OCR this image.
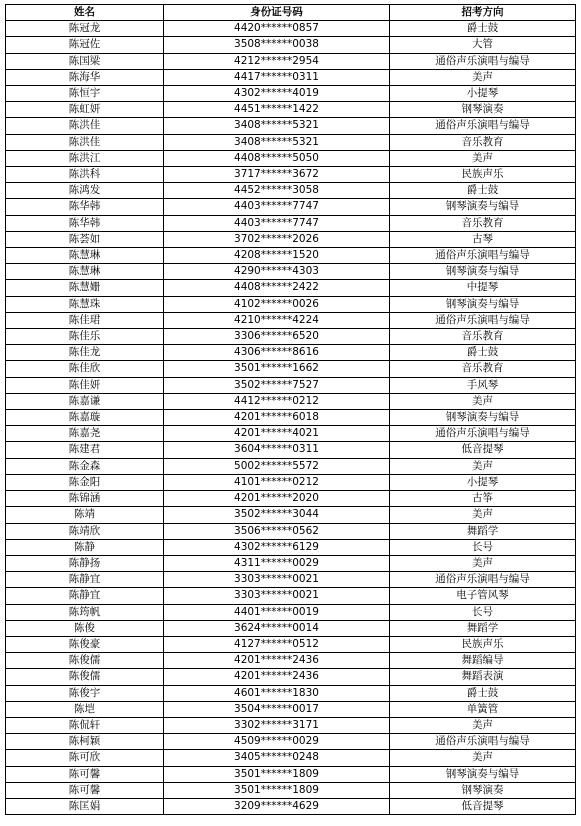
姓名	身份证号码	招考方向
陈冠龙	4420******0857	爵士鼓
陈冠佐	3508******0038	大管
陈国梁	4212******2954	通俗声乐演唱与编导
陈海华	4417******0311	美声
陈恒宇	4302******4019	小提琴
陈虹妍	4451******1422	钢琴演奏
陈洪佳	3408******5321	通俗声乐演唱与编导
陈洪佳	3408******5321	音乐教育
陈洪江	4408******5050	美声
陈洪科	3717******3672	民族声乐
陈鸿发	4452******3058	爵士鼓
陈华韩	4403******7747	钢琴演奏与编导
陈华韩	4403******7747	音乐教育
陈荟如	3702******2026	古琴
陈慧琳	4208******1520	通俗声乐演唱与编导
陈慧琳	4290******4303	钢琴演奏与编导
陈慧姗	4408******2422	中提琴
陈慧珠	4102******0026	钢琴演奏与编导
陈佳珺	4210******4224	通俗声乐演唱与编导
陈佳乐	3306******6520	音乐教育
陈佳龙	4306******8616	爵士鼓
陈佳欣	3501******1662	音乐教育
陈佳妍	3502******7527	手风琴
陈嘉谦	4412******0212	美声
陈嘉璇	4201******6018	钢琴演奏与编导
陈嘉尧	4201******4021	通俗声乐演唱与编导
陈建君	3604******0311	低音提琴
陈金森	5002******5572	美声
陈金阳	4101******0212	小提琴
陈锦涵	4201******2020	古筝
陈靖	3502******3044	美声
陈靖欣	3506******0562	舞蹈学
陈静	4302******6129	长号
陈静扬	4311******0029	美声
陈静宜	3303******0021	通俗声乐演唱与编导
陈静宜	3303******0021	电子管风琴
陈筠帆	4401******0019	长号
陈俊	3624******0014	舞蹈学
陈俊豪	4127******0512	民族声乐
陈俊儒	4201******2436	舞蹈编导
陈俊儒	4201******2436	舞蹈表演
陈俊宇	4601******1830	爵士鼓
陈垲	3504******0017	单簧管
陈侃轩	3302******3171	美声
陈柯颖	4509******0029	通俗声乐演唱与编导
陈可欣	3405******0248	美声
陈可馨	3501******1809	钢琴演奏与编导
陈可馨	3501******1809	钢琴演奏
陈匡娟	3209******4629	低音提琴
